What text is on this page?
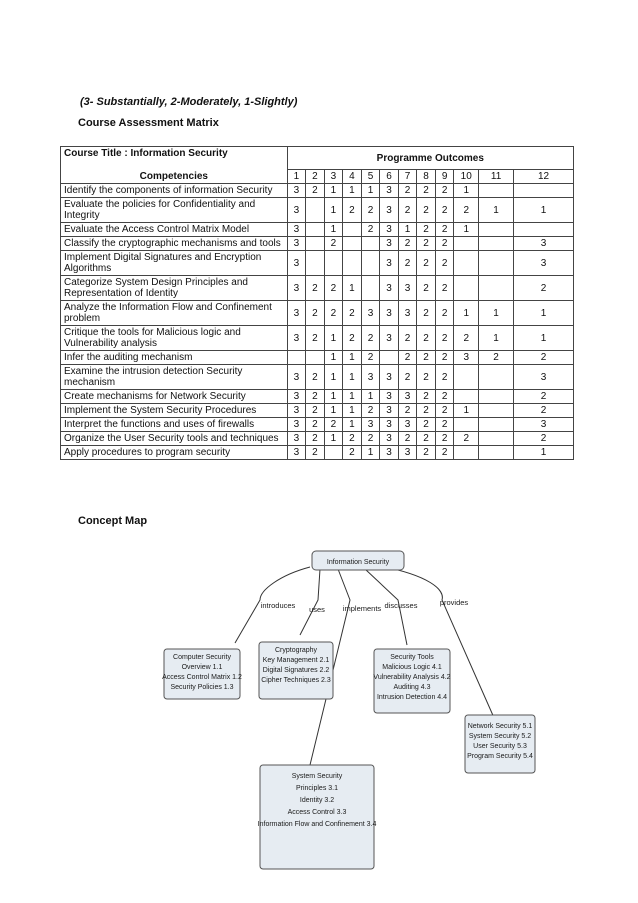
(3- Substantially, 2-Moderately, 1-Slightly)
Course Assessment Matrix
Course Title : Information Security
Competencies	Programme Outcomes											
	1	2	3	4	5	6	7	8	9	10	11	12
Identify the components of information Security	3	2	1	1	1	3	2	2	2	1		
Evaluate the policies for Confidentiality and Integrity	3		1	2	2	3	2	2	2	2	1	1
Evaluate the Access Control Matrix Model	3		1		2	3	1	2	2	1		
Classify the cryptographic mechanisms and tools	3		2			3	2	2	2			3
Implement Digital Signatures and Encryption Algorithms	3					3	2	2	2			3
Categorize System Design Principles and Representation of Identity	3	2	2	1		3	3	2	2			2
Analyze the Information Flow and Confinement problem	3	2	2	2	3	3	3	2	2	1	1	1
Critique the tools for Malicious logic and Vulnerability analysis	3	2	1	2	2	3	2	2	2	2	1	1
Infer the auditing mechanism			1	1	2		2	2	2	3	2	2
Examine the intrusion detection Security mechanism	3	2	1	1	3	3	2	2	2			3
Create mechanisms for Network Security	3	2	1	1	1	3	3	2	2			2
Implement the System Security Procedures	3	2	1	1	2	3	2	2	2	1		2
Interpret the functions and uses of firewalls	3	2	2	1	3	3	3	2	2			3
Organize the User Security tools and techniques	3	2	1	2	2	3	2	2	2	2		2
Apply procedures to program security	3	2		2	1	3	3	2	2			1
Concept Map
Information Security
introduces uses implements discusses	provides
Computer Security
Overview 1.1
Access Control Matrix 1.2
Security Policies 1.3
Cryptography
Key Management 2.1
Digital Signatures 2.2
Cipher Techniques 2.3
Security Tools
Malicious Logic 4.1
Vulnerability Analysis 4.2
Auditing 4.3
Intrusion Detection 4.4
Network Security 5.1
System Security 5.2
User Security 5.3
Program Security 5.4
System Security
Principles 3.1
Identity 3.2
Access Control 3.3
Information Flow and Confinement 3.4
